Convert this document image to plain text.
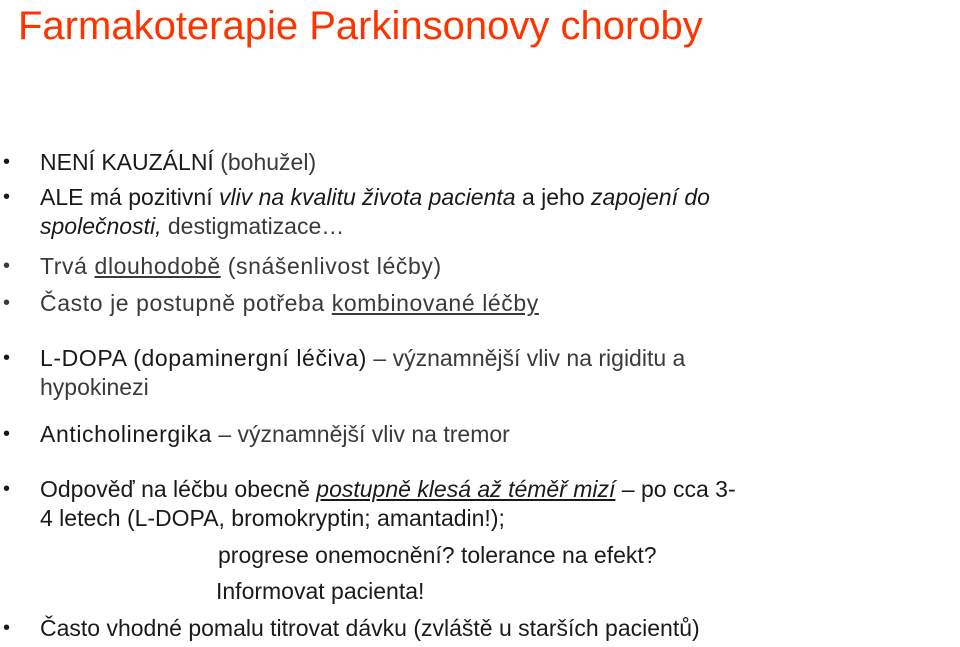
Farmakoterapie Parkinsonovy choroby
• NENÍ KAUZÁLNÍ (bohužel)
• ALE má pozitivní vliv na kvalitu života pacienta a jeho zapojení do
společnosti, destigmatizace…
• Trvá dlouhodobě (snášenlivost léčby)
• Často je postupně potřeba kombinované léčby
• L-DOPA (dopaminergní léčiva) – významnější vliv na rigiditu a
hypokinezi
• Anticholinergika – významnější vliv na tremor
• Odpověď na léčbu obecně postupně klesá až téměř mizí – po cca 3-
4 letech (L-DOPA, bromokryptin; amantadin!);
progrese onemocnění? tolerance na efekt?
Informovat pacienta!
• Často vhodné pomalu titrovat dávku (zvláště u starších pacientů)
